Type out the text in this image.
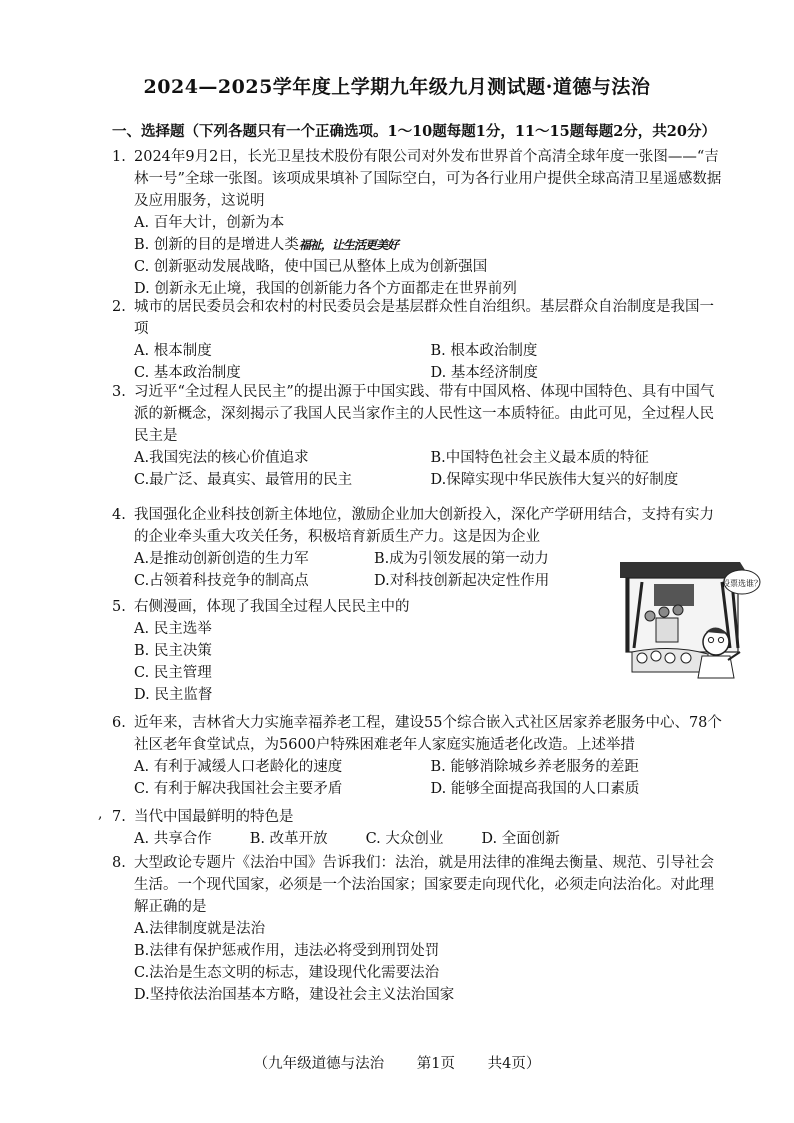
2024—2025学年度上学期九年级九月测试题·道德与法治
一、选择题（下列各题只有一个正确选项。1～10题每题1分，11～15题每题2分，共20分）
1. 2024年9月2日，长光卫星技术股份有限公司对外发布世界首个高清全球年度一张图——“吉林一号”全球一张图。该项成果填补了国际空白，可为各行业用户提供全球高清卫星遥感数据及应用服务，这说明
A. 百年大计，创新为本
B. 创新的目的是增进人类福祉，让生活更美好
C. 创新驱动发展战略，使中国已从整体上成为创新强国
D. 创新永无止境，我国的创新能力各个方面都走在世界前列
2. 城市的居民委员会和农村的村民委员会是基层群众性自治组织。基层群众自治制度是我国一项
A. 根本制度	B. 根本政治制度
C. 基本政治制度	D. 基本经济制度
3. 习近平“全过程人民民主”的提出源于中国实践、带有中国风格、体现中国特色、具有中国气派的新概念，深刻揭示了我国人民当家作主的人民性这一本质特征。由此可见，全过程人民民主是
A.我国宪法的核心价值追求	B.中国特色社会主义最本质的特征
C.最广泛、最真实、最管用的民主	D.保障实现中华民族伟大复兴的好制度
4. 我国强化企业科技创新主体地位，激励企业加大创新投入，深化产学研用结合，支持有实力的企业牵头重大攻关任务，积极培育新质生产力。这是因为企业
A.是推动创新创造的生力军	B.成为引领发展的第一动力
C.占领着科技竞争的制高点	D.对科技创新起决定性作用
5. 右侧漫画，体现了我国全过程人民民主中的
A. 民主选举
B. 民主决策
C. 民主管理
D. 民主监督
投票选谁？
6. 近年来，吉林省大力实施幸福养老工程，建设55个综合嵌入式社区居家养老服务中心、78个社区老年食堂试点，为5600户特殊困难老年人家庭实施适老化改造。上述举措
A. 有利于减缓人口老龄化的速度	B. 能够消除城乡养老服务的差距
C. 有利于解决我国社会主要矛盾	D. 能够全面提高我国的人口素质
, 7. 当代中国最鲜明的特色是
A. 共享合作	B. 改革开放	C. 大众创业	D. 全面创新
8. 大型政论专题片《法治中国》告诉我们：法治，就是用法律的准绳去衡量、规范、引导社会生活。一个现代国家，必须是一个法治国家；国家要走向现代化，必须走向法治化。对此理解正确的是
A.法律制度就是法治
B.法律有保护惩戒作用，违法必将受到刑罚处罚
C.法治是生态文明的标志，建设现代化需要法治
D.坚持依法治国基本方略，建设社会主义法治国家
（九年级道德与法治 第1页 共4页）
